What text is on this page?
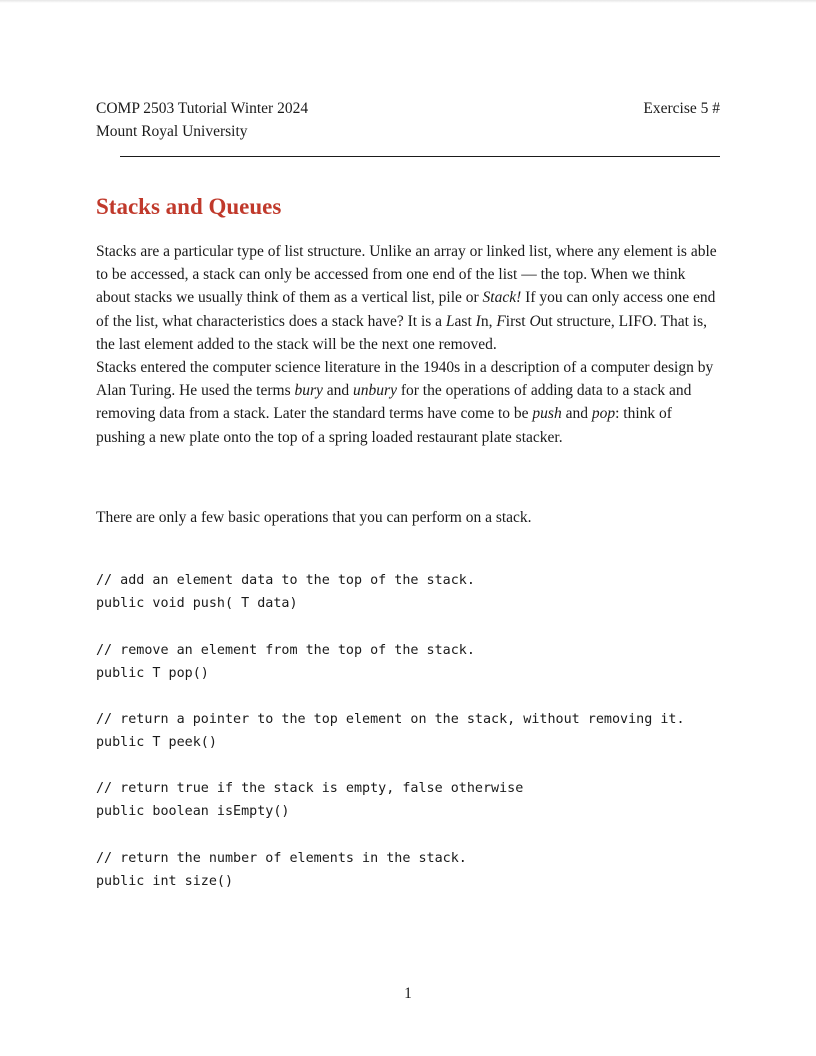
COMP 2503 Tutorial Winter 2024
Mount Royal University
Exercise 5 #
Stacks and Queues
Stacks are a particular type of list structure. Unlike an array or linked list, where any element is able to be accessed, a stack can only be accessed from one end of the list — the top. When we think about stacks we usually think of them as a vertical list, pile or Stack! If you can only access one end of the list, what characteristics does a stack have? It is a Last In, First Out structure, LIFO. That is, the last element added to the stack will be the next one removed.
Stacks entered the computer science literature in the 1940s in a description of a computer design by Alan Turing. He used the terms bury and unbury for the operations of adding data to a stack and removing data from a stack. Later the standard terms have come to be push and pop: think of pushing a new plate onto the top of a spring loaded restaurant plate stacker.

There are only a few basic operations that you can perform on a stack.

// add an element data to the top of the stack.
public void push( T data)
// remove an element from the top of the stack.
public T pop()
// return a pointer to the top element on the stack, without removing it.
public T peek()
// return true if the stack is empty, false otherwise
public boolean isEmpty()
// return the number of elements in the stack.
public int size()
1
